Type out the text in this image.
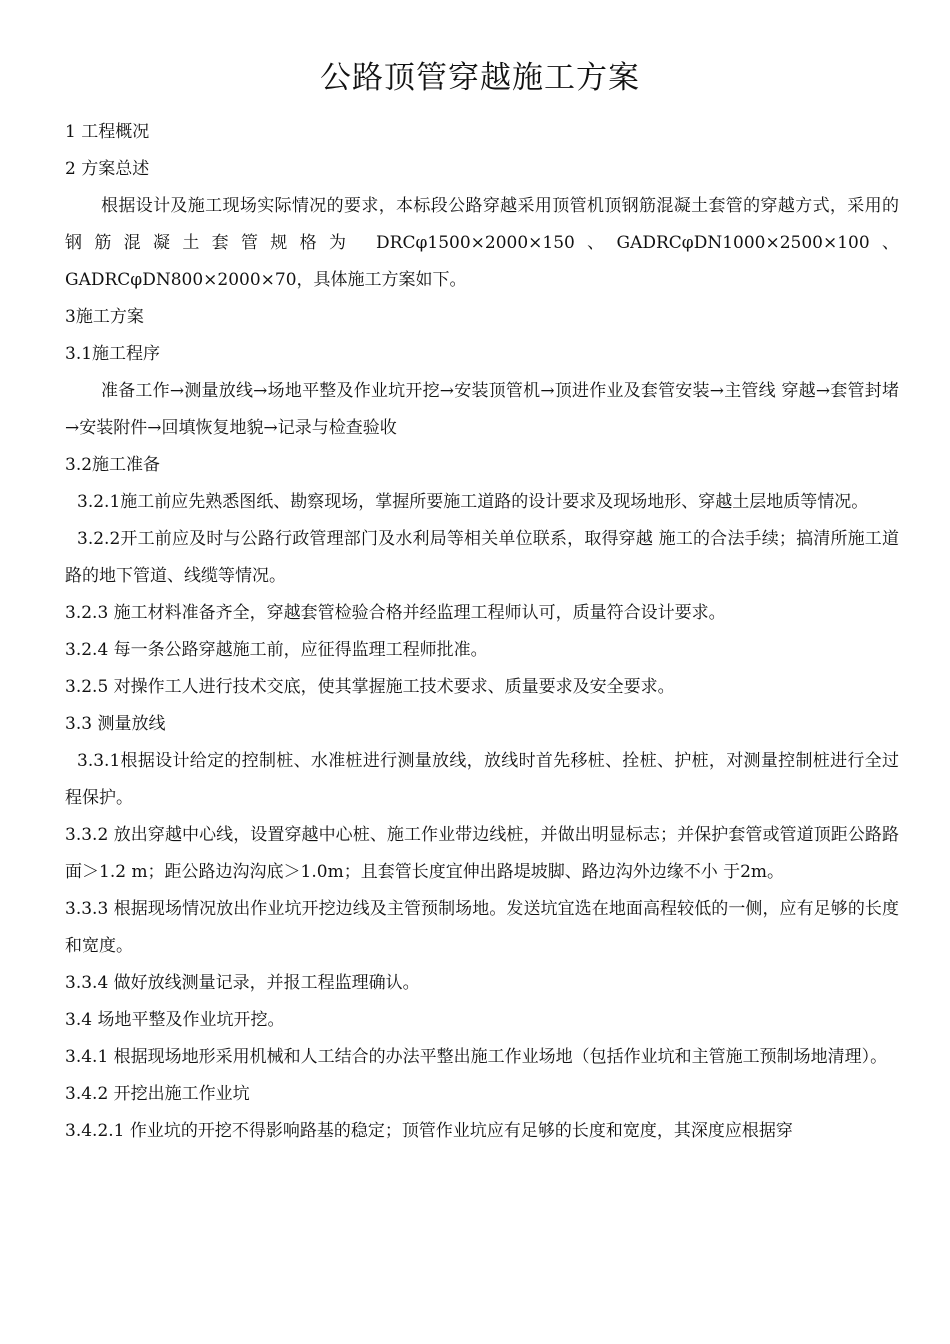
公路顶管穿越施工方案

1 工程概况

2 方案总述

根据设计及施工现场实际情况的要求，本标段公路穿越采用顶管机顶钢筋混凝土套管的穿越方式，采用的钢筋混凝土套管规格为 DRCφ1500×2000×150、GADRCφDN1000×2500×100、 GADRCφDN800×2000×70，具体施工方案如下。

3施工方案

3.1施工程序

准备工作→测量放线→场地平整及作业坑开挖→安装顶管机→顶进作业及套管安装→主管线 穿越→套管封堵→安装附件→回填恢复地貌→记录与检查验收

3.2施工准备

3.2.1施工前应先熟悉图纸、勘察现场，掌握所要施工道路的设计要求及现场地形、穿越土层地质等情况。

3.2.2开工前应及时与公路行政管理部门及水利局等相关单位联系，取得穿越 施工的合法手续；搞清所施工道路的地下管道、线缆等情况。

3.2.3 施工材料准备齐全，穿越套管检验合格并经监理工程师认可，质量符合设计要求。

3.2.4 每一条公路穿越施工前，应征得监理工程师批准。

3.2.5 对操作工人进行技术交底，使其掌握施工技术要求、质量要求及安全要求。

3.3 测量放线

3.3.1根据设计给定的控制桩、水准桩进行测量放线，放线时首先移桩、拴桩、护桩，对测量控制桩进行全过程保护。

3.3.2 放出穿越中心线，设置穿越中心桩、施工作业带边线桩，并做出明显标志；并保护套管或管道顶距公路路面＞1.2 m；距公路边沟沟底＞1.0m；且套管长度宜伸出路堤坡脚、路边沟外边缘不小 于2m。

3.3.3 根据现场情况放出作业坑开挖边线及主管预制场地。发送坑宜选在地面高程较低的一侧，应有足够的长度和宽度。

3.3.4 做好放线测量记录，并报工程监理确认。

3.4 场地平整及作业坑开挖。

3.4.1 根据现场地形采用机械和人工结合的办法平整出施工作业场地（包括作业坑和主管施工预制场地清理）。

3.4.2 开挖出施工作业坑

3.4.2.1 作业坑的开挖不得影响路基的稳定；顶管作业坑应有足够的长度和宽度，其深度应根据穿
